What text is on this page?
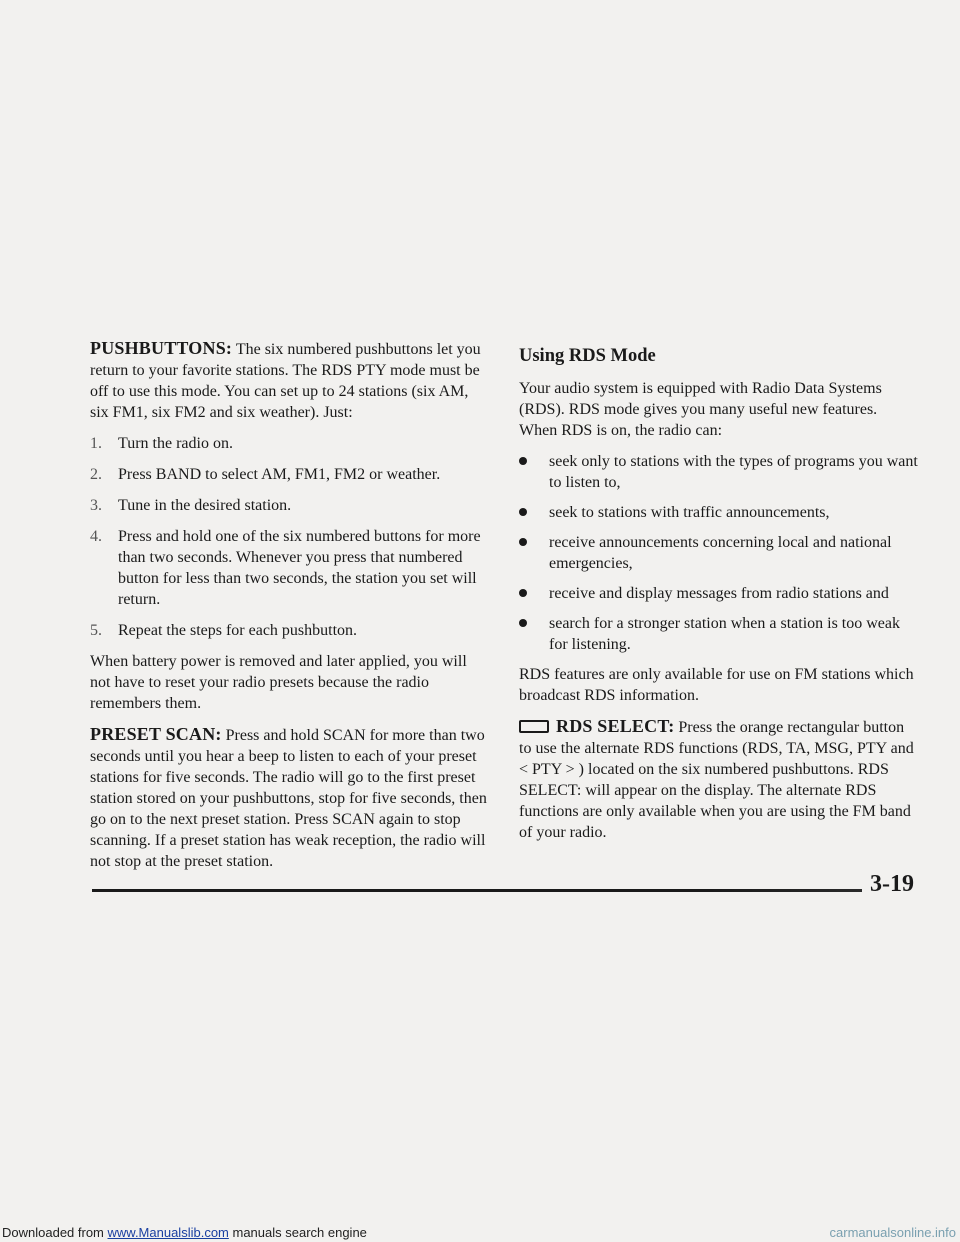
PUSHBUTTONS: The six numbered pushbuttons let you return to your favorite stations. The RDS PTY mode must be off to use this mode. You can set up to 24 stations (six AM, six FM1, six FM2 and six weather). Just:

1. Turn the radio on.
2. Press BAND to select AM, FM1, FM2 or weather.
3. Tune in the desired station.
4. Press and hold one of the six numbered buttons for more than two seconds. Whenever you press that numbered button for less than two seconds, the station you set will return.
5. Repeat the steps for each pushbutton.

When battery power is removed and later applied, you will not have to reset your radio presets because the radio remembers them.

PRESET SCAN: Press and hold SCAN for more than two seconds until you hear a beep to listen to each of your preset stations for five seconds. The radio will go to the first preset station stored on your pushbuttons, stop for five seconds, then go on to the next preset station. Press SCAN again to stop scanning. If a preset station has weak reception, the radio will not stop at the preset station.

Using RDS Mode

Your audio system is equipped with Radio Data Systems (RDS). RDS mode gives you many useful new features. When RDS is on, the radio can:

seek only to stations with the types of programs you want to listen to,
seek to stations with traffic announcements,
receive announcements concerning local and national emergencies,
receive and display messages from radio stations and
search for a stronger station when a station is too weak for listening.

RDS features are only available for use on FM stations which broadcast RDS information.

RDS SELECT: Press the orange rectangular button to use the alternate RDS functions (RDS, TA, MSG, PTY and < PTY > ) located on the six numbered pushbuttons. RDS SELECT: will appear on the display. The alternate RDS functions are only available when you are using the FM band of your radio.

3-19
Downloaded from www.Manualslib.com manuals search engine	carmanualsonline.info
